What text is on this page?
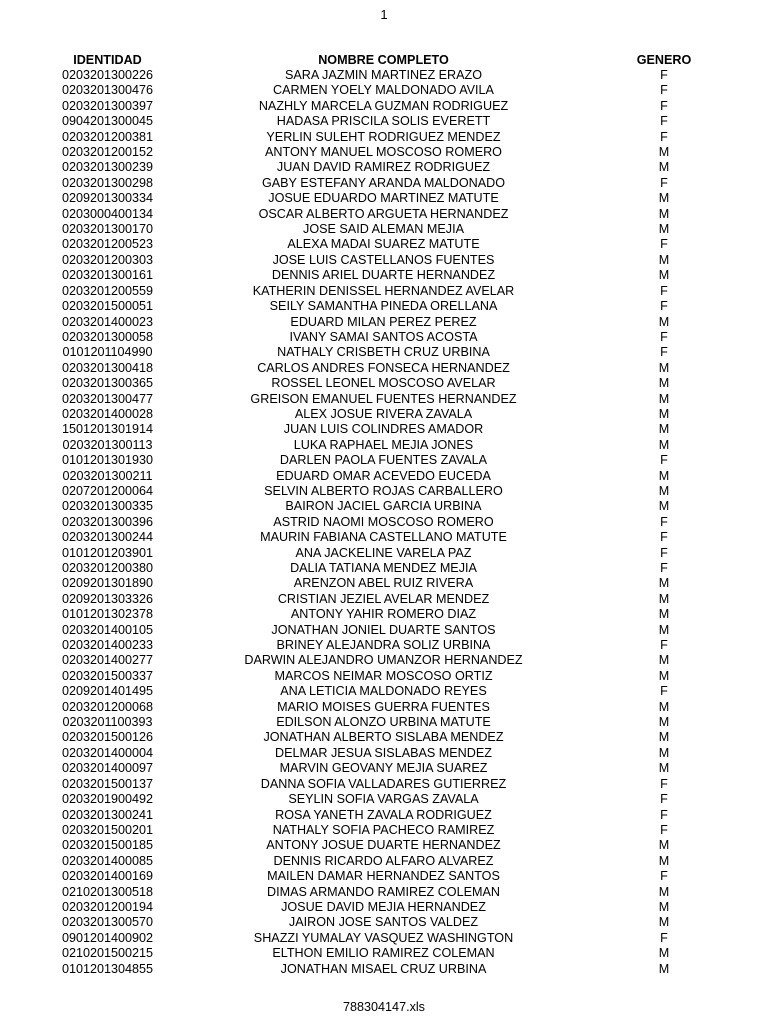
1
IDENTIDAD	NOMBRE COMPLETO	GENERO
0203201300226	SARA JAZMIN MARTINEZ ERAZO	F
0203201300476	CARMEN YOELY MALDONADO AVILA	F
0203201300397	NAZHLY MARCELA GUZMAN RODRIGUEZ	F
0904201300045	HADASA PRISCILA SOLIS EVERETT	F
0203201200381	YERLIN SULEHT RODRIGUEZ MENDEZ	F
0203201200152	ANTONY MANUEL MOSCOSO ROMERO	M
0203201300239	JUAN DAVID RAMIREZ RODRIGUEZ	M
0203201300298	GABY ESTEFANY ARANDA MALDONADO	F
0209201300334	JOSUE EDUARDO MARTINEZ MATUTE	M
0203000400134	OSCAR ALBERTO ARGUETA HERNANDEZ	M
0203201300170	JOSE SAID ALEMAN MEJIA	M
0203201200523	ALEXA MADAI SUAREZ MATUTE	F
0203201200303	JOSE LUIS CASTELLANOS FUENTES	M
0203201300161	DENNIS ARIEL DUARTE HERNANDEZ	M
0203201200559	KATHERIN DENISSEL HERNANDEZ AVELAR	F
0203201500051	SEILY SAMANTHA PINEDA ORELLANA	F
0203201400023	EDUARD MILAN PEREZ PEREZ	M
0203201300058	IVANY SAMAI SANTOS ACOSTA	F
0101201104990	NATHALY CRISBETH CRUZ URBINA	F
0203201300418	CARLOS ANDRES FONSECA HERNANDEZ	M
0203201300365	ROSSEL LEONEL MOSCOSO AVELAR	M
0203201300477	GREISON EMANUEL FUENTES HERNANDEZ	M
0203201400028	ALEX JOSUE RIVERA ZAVALA	M
1501201301914	JUAN LUIS COLINDRES AMADOR	M
0203201300113	LUKA RAPHAEL MEJIA JONES	M
0101201301930	DARLEN PAOLA FUENTES ZAVALA	F
0203201300211	EDUARD OMAR ACEVEDO EUCEDA	M
0207201200064	SELVIN ALBERTO ROJAS CARBALLERO	M
0203201300335	BAIRON JACIEL GARCIA URBINA	M
0203201300396	ASTRID NAOMI MOSCOSO ROMERO	F
0203201300244	MAURIN FABIANA CASTELLANO MATUTE	F
0101201203901	ANA JACKELINE VARELA PAZ	F
0203201200380	DALIA TATIANA MENDEZ MEJIA	F
0209201301890	ARENZON ABEL RUIZ RIVERA	M
0209201303326	CRISTIAN JEZIEL AVELAR MENDEZ	M
0101201302378	ANTONY YAHIR ROMERO DIAZ	M
0203201400105	JONATHAN JONIEL DUARTE SANTOS	M
0203201400233	BRINEY ALEJANDRA SOLIZ URBINA	F
0203201400277	DARWIN ALEJANDRO UMANZOR HERNANDEZ	M
0203201500337	MARCOS NEIMAR MOSCOSO ORTIZ	M
0209201401495	ANA LETICIA MALDONADO REYES	F
0203201200068	MARIO MOISES GUERRA FUENTES	M
0203201100393	EDILSON ALONZO URBINA MATUTE	M
0203201500126	JONATHAN ALBERTO SISLABA MENDEZ	M
0203201400004	DELMAR JESUA SISLABAS MENDEZ	M
0203201400097	MARVIN GEOVANY MEJIA SUAREZ	M
0203201500137	DANNA SOFIA VALLADARES GUTIERREZ	F
0203201900492	SEYLIN SOFIA VARGAS ZAVALA	F
0203201300241	ROSA YANETH ZAVALA RODRIGUEZ	F
0203201500201	NATHALY SOFIA PACHECO RAMIREZ	F
0203201500185	ANTONY JOSUE DUARTE HERNANDEZ	M
0203201400085	DENNIS RICARDO ALFARO ALVAREZ	M
0203201400169	MAILEN DAMAR HERNANDEZ SANTOS	F
0210201300518	DIMAS ARMANDO RAMIREZ COLEMAN	M
0203201200194	JOSUE DAVID MEJIA HERNANDEZ	M
0203201300570	JAIRON JOSE SANTOS VALDEZ	M
0901201400902	SHAZZI YUMALAY VASQUEZ WASHINGTON	F
0210201500215	ELTHON EMILIO RAMIREZ COLEMAN	M
0101201304855	JONATHAN MISAEL CRUZ URBINA	M
788304147.xls
